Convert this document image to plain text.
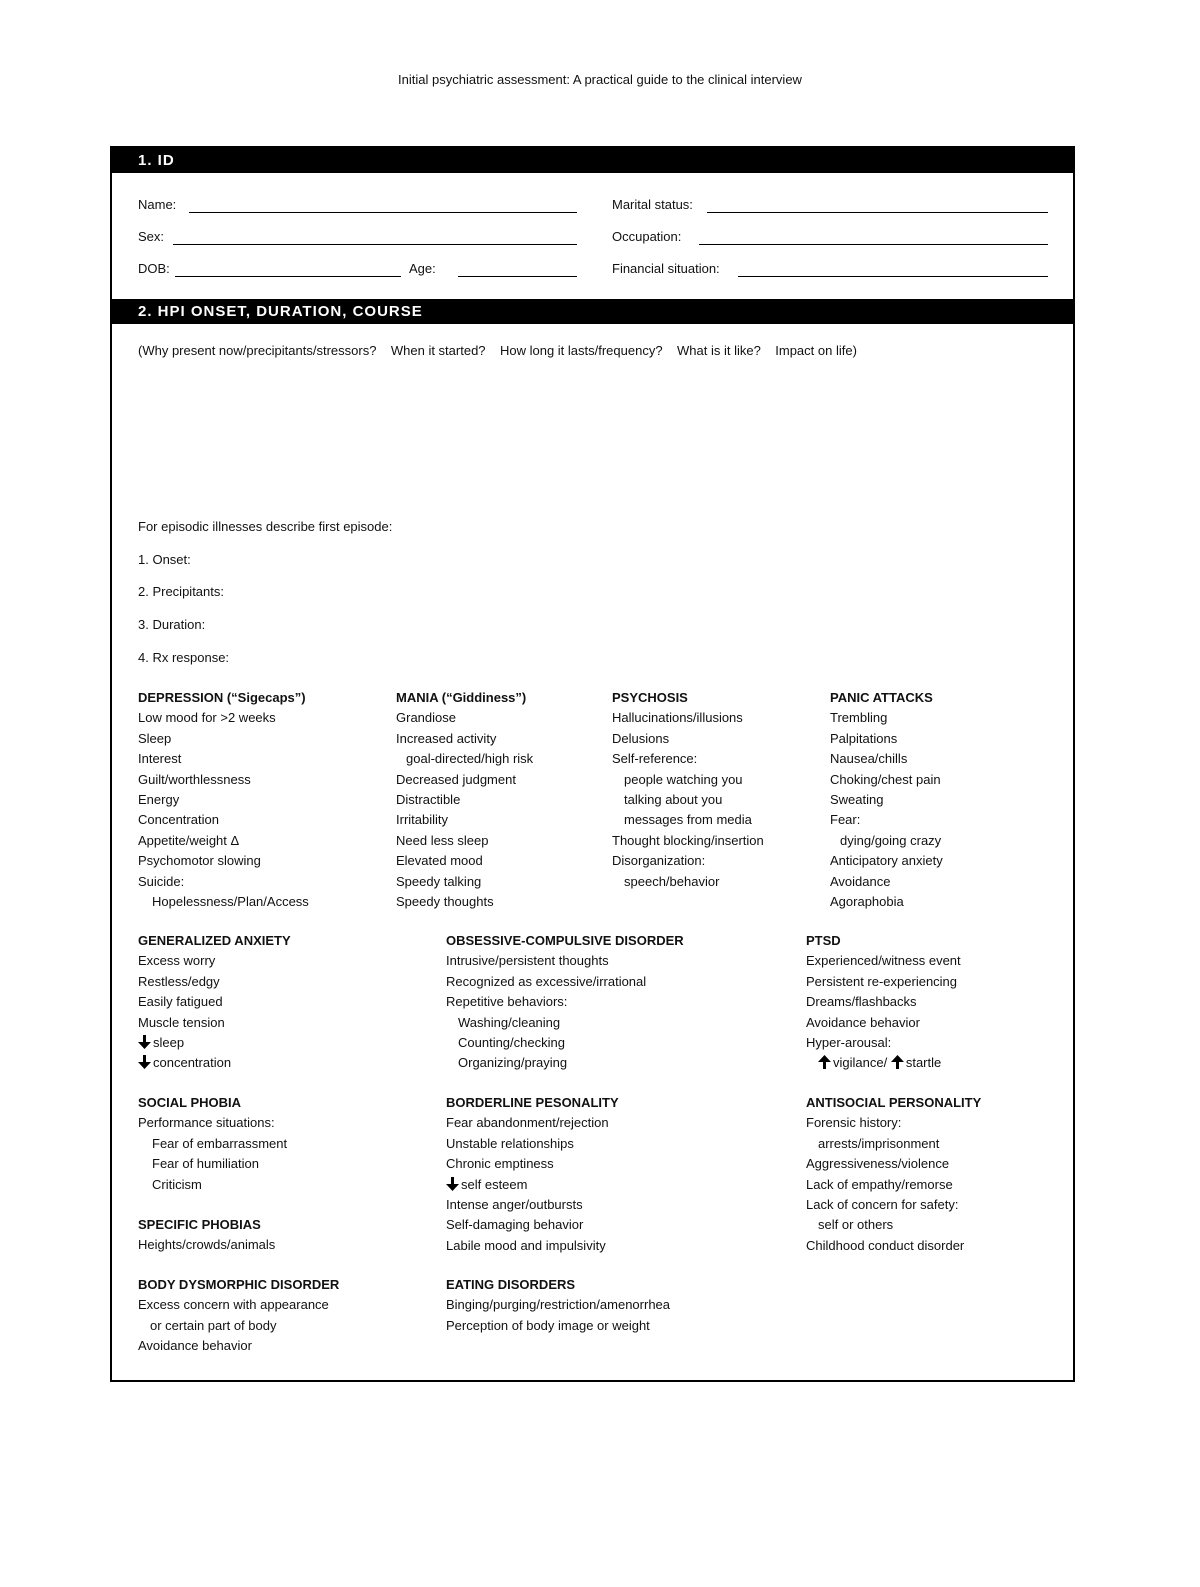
Initial psychiatric assessment: A practical guide to the clinical interview
1. ID
Name:
Sex:
DOB:	Age:
Marital status:
Occupation:
Financial situation:
2. HPI ONSET, DURATION, COURSE
(Why present now/precipitants/stressors?    When it started?    How long it lasts/frequency?    What is it like?    Impact on life)
For episodic illnesses describe first episode:
1. Onset:
2. Precipitants:
3. Duration:
4. Rx response:
DEPRESSION (“Sigecaps”)
Low mood for >2 weeks
Sleep
Interest
Guilt/worthlessness
Energy
Concentration
Appetite/weight Δ
Psychomotor slowing
Suicide:
Hopelessness/Plan/Access
MANIA (“Giddiness”)
Grandiose
Increased activity
goal-directed/high risk
Decreased judgment
Distractible
Irritability
Need less sleep
Elevated mood
Speedy talking
Speedy thoughts
PSYCHOSIS
Hallucinations/illusions
Delusions
Self-reference:
people watching you
talking about you
messages from media
Thought blocking/insertion
Disorganization:
speech/behavior
PANIC ATTACKS
Trembling
Palpitations
Nausea/chills
Choking/chest pain
Sweating
Fear:
dying/going crazy
Anticipatory anxiety
Avoidance
Agoraphobia
GENERALIZED ANXIETY
Excess worry
Restless/edgy
Easily fatigued
Muscle tension
sleep
concentration
OBSESSIVE-COMPULSIVE DISORDER
Intrusive/persistent thoughts
Recognized as excessive/irrational
Repetitive behaviors:
Washing/cleaning
Counting/checking
Organizing/praying
PTSD
Experienced/witness event
Persistent re-experiencing
Dreams/flashbacks
Avoidance behavior
Hyper-arousal:
vigilance/ startle
SOCIAL PHOBIA
Performance situations:
Fear of embarrassment
Fear of humiliation
Criticism
SPECIFIC PHOBIAS
Heights/crowds/animals
BORDERLINE PESONALITY
Fear abandonment/rejection
Unstable relationships
Chronic emptiness
self esteem
Intense anger/outbursts
Self-damaging behavior
Labile mood and impulsivity
ANTISOCIAL PERSONALITY
Forensic history:
arrests/imprisonment
Aggressiveness/violence
Lack of empathy/remorse
Lack of concern for safety:
self or others
Childhood conduct disorder
BODY DYSMORPHIC DISORDER
Excess concern with appearance
or certain part of body
Avoidance behavior
EATING DISORDERS
Binging/purging/restriction/amenorrhea
Perception of body image or weight
